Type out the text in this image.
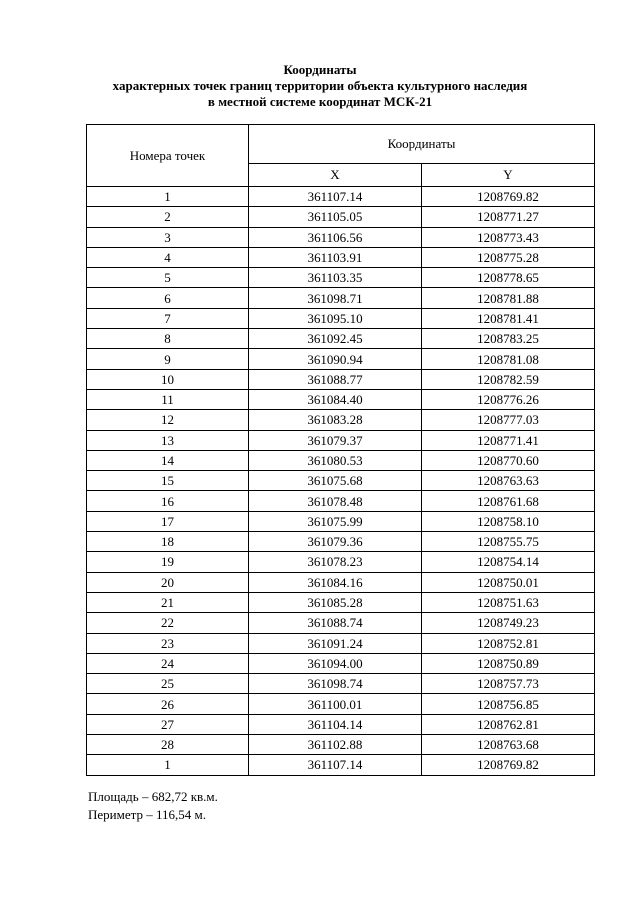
Координаты
характерных точек границ территории объекта культурного наследия
в местной системе координат МСК-21
Номера точек	Координаты	
	X	Y
1	361107.14	1208769.82
2	361105.05	1208771.27
3	361106.56	1208773.43
4	361103.91	1208775.28
5	361103.35	1208778.65
6	361098.71	1208781.88
7	361095.10	1208781.41
8	361092.45	1208783.25
9	361090.94	1208781.08
10	361088.77	1208782.59
11	361084.40	1208776.26
12	361083.28	1208777.03
13	361079.37	1208771.41
14	361080.53	1208770.60
15	361075.68	1208763.63
16	361078.48	1208761.68
17	361075.99	1208758.10
18	361079.36	1208755.75
19	361078.23	1208754.14
20	361084.16	1208750.01
21	361085.28	1208751.63
22	361088.74	1208749.23
23	361091.24	1208752.81
24	361094.00	1208750.89
25	361098.74	1208757.73
26	361100.01	1208756.85
27	361104.14	1208762.81
28	361102.88	1208763.68
1	361107.14	1208769.82
Площадь – 682,72 кв.м.
Периметр – 116,54 м.
